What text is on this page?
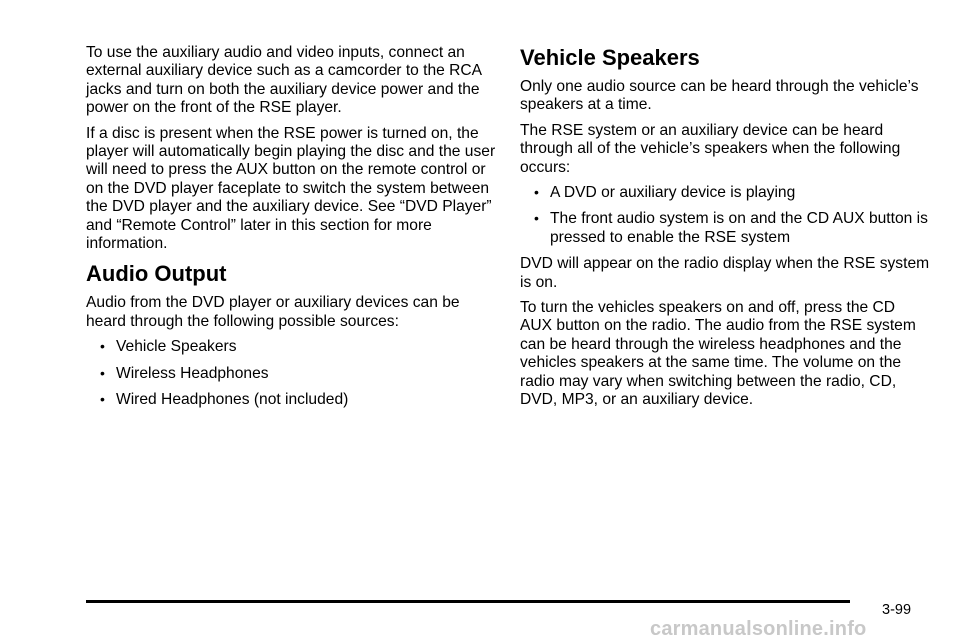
To use the auxiliary audio and video inputs, connect an external auxiliary device such as a camcorder to the RCA jacks and turn on both the auxiliary device power and the power on the front of the RSE player.

If a disc is present when the RSE power is turned on, the player will automatically begin playing the disc and the user will need to press the AUX button on the remote control or on the DVD player faceplate to switch the system between the DVD player and the auxiliary device. See “DVD Player” and “Remote Control” later in this section for more information.

Audio Output

Audio from the DVD player or auxiliary devices can be heard through the following possible sources:

• Vehicle Speakers
• Wireless Headphones
• Wired Headphones (not included)
Vehicle Speakers

Only one audio source can be heard through the vehicle’s speakers at a time.

The RSE system or an auxiliary device can be heard through all of the vehicle’s speakers when the following occurs:

• A DVD or auxiliary device is playing
• The front audio system is on and the CD AUX button is pressed to enable the RSE system

DVD will appear on the radio display when the RSE system is on.

To turn the vehicles speakers on and off, press the CD AUX button on the radio. The audio from the RSE system can be heard through the wireless headphones and the vehicles speakers at the same time. The volume on the radio may vary when switching between the radio, CD, DVD, MP3, or an auxiliary device.

3-99
carmanualsonline.info
